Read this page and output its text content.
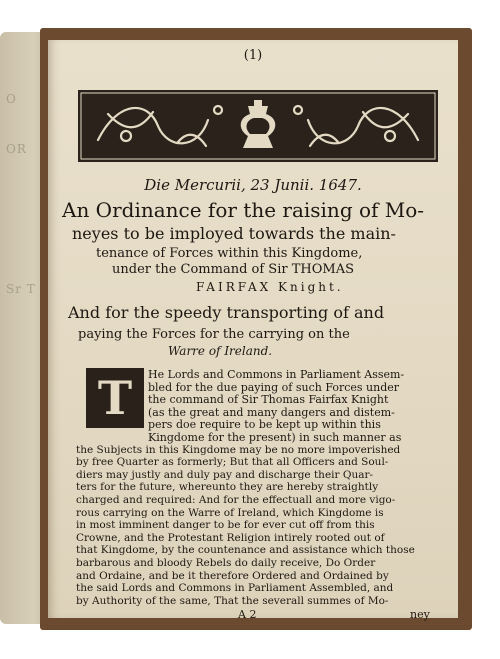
O
OR
Sr T
(1)
Die Mercurii, 23 Junii. 1647.
An Ordinance for the raising of Mo-
neyes to be imployed towards the main-
tenance of Forces within this Kingdome,
under the Command of Sir THOMAS
FAIRFAX Knight.
And for the speedy transporting of and
paying the Forces for the carrying on the
Warre of Ireland.
T	He Lords and Commons in Parliament Assem-
bled for the due paying of such Forces under
the command of Sir Thomas Fairfax Knight
(as the great and many dangers and distem-
pers doe require to be kept up within this
Kingdome for the present) in such manner as
the Subjects in this Kingdome may be no more impoverished
by free Quarter as formerly; But that all Officers and Soul-
diers may justly and duly pay and discharge their Quar-
ters for the future, whereunto they are hereby straightly
charged and required: And for the effectuall and more vigo-
rous carrying on the Warre of Ireland, which Kingdome is
in most imminent danger to be for ever cut off from this
Crowne, and the Protestant Religion intirely rooted out of
that Kingdome, by the countenance and assistance which those
barbarous and bloody Rebels do daily receive, Do Order
and Ordaine, and be it therefore Ordered and Ordained by
the said Lords and Commons in Parliament Assembled, and
by Authority of the same, That the severall summes of Mo-
A 2	ney
